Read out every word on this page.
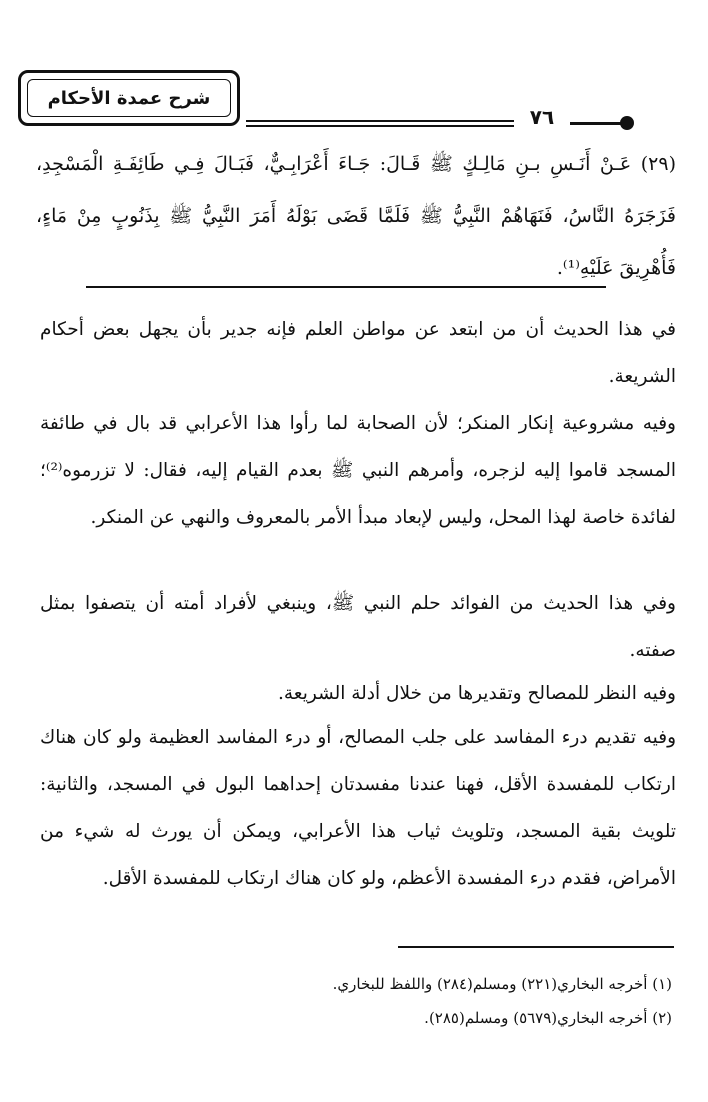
شرح عمدة الأحكام
٧٦

(٢٩) عَـنْ أَنَـسِ بـنِ مَالِـكٍ ﷺ قَـالَ: جَـاءَ أَعْرَابِـيٌّ، فَبَـالَ فِـي طَائِفَـةِ الْمَسْجِدِ، فَزَجَرَهُ النَّاسُ، فَنَهَاهُمْ النَّبِيُّ ﷺ فَلَمَّا قَضَى بَوْلَهُ أَمَرَ النَّبِيُّ ﷺ بِذَنُوبٍ مِنْ مَاءٍ، فَأُهْرِيقَ عَلَيْهِ⁽¹⁾.

في هذا الحديث أن من ابتعد عن مواطن العلم فإنه جدير بأن يجهل بعض أحكام الشريعة.

وفيه مشروعية إنكار المنكر؛ لأن الصحابة لما رأوا هذا الأعرابي قد بال في طائفة المسجد قاموا إليه لزجره، وأمرهم النبي ﷺ بعدم القيام إليه، فقال: لا تزرموه⁽²⁾؛ لفائدة خاصة لهذا المحل، وليس لإبعاد مبدأ الأمر بالمعروف والنهي عن المنكر.

وفي هذا الحديث من الفوائد حلم النبي ﷺ، وينبغي لأفراد أمته أن يتصفوا بمثل صفته.

وفيه النظر للمصالح وتقديرها من خلال أدلة الشريعة.

وفيه تقديم درء المفاسد على جلب المصالح، أو درء المفاسد العظيمة ولو كان هناك ارتكاب للمفسدة الأقل، فهنا عندنا مفسدتان إحداهما البول في المسجد، والثانية: تلويث بقية المسجد، وتلويث ثياب هذا الأعرابي، ويمكن أن يورث له شيء من الأمراض، فقدم درء المفسدة الأعظم، ولو كان هناك ارتكاب للمفسدة الأقل.

(١) أخرجه البخاري(٢٢١) ومسلم(٢٨٤) واللفظ للبخاري.

(٢) أخرجه البخاري(٥٦٧٩) ومسلم(٢٨٥).
